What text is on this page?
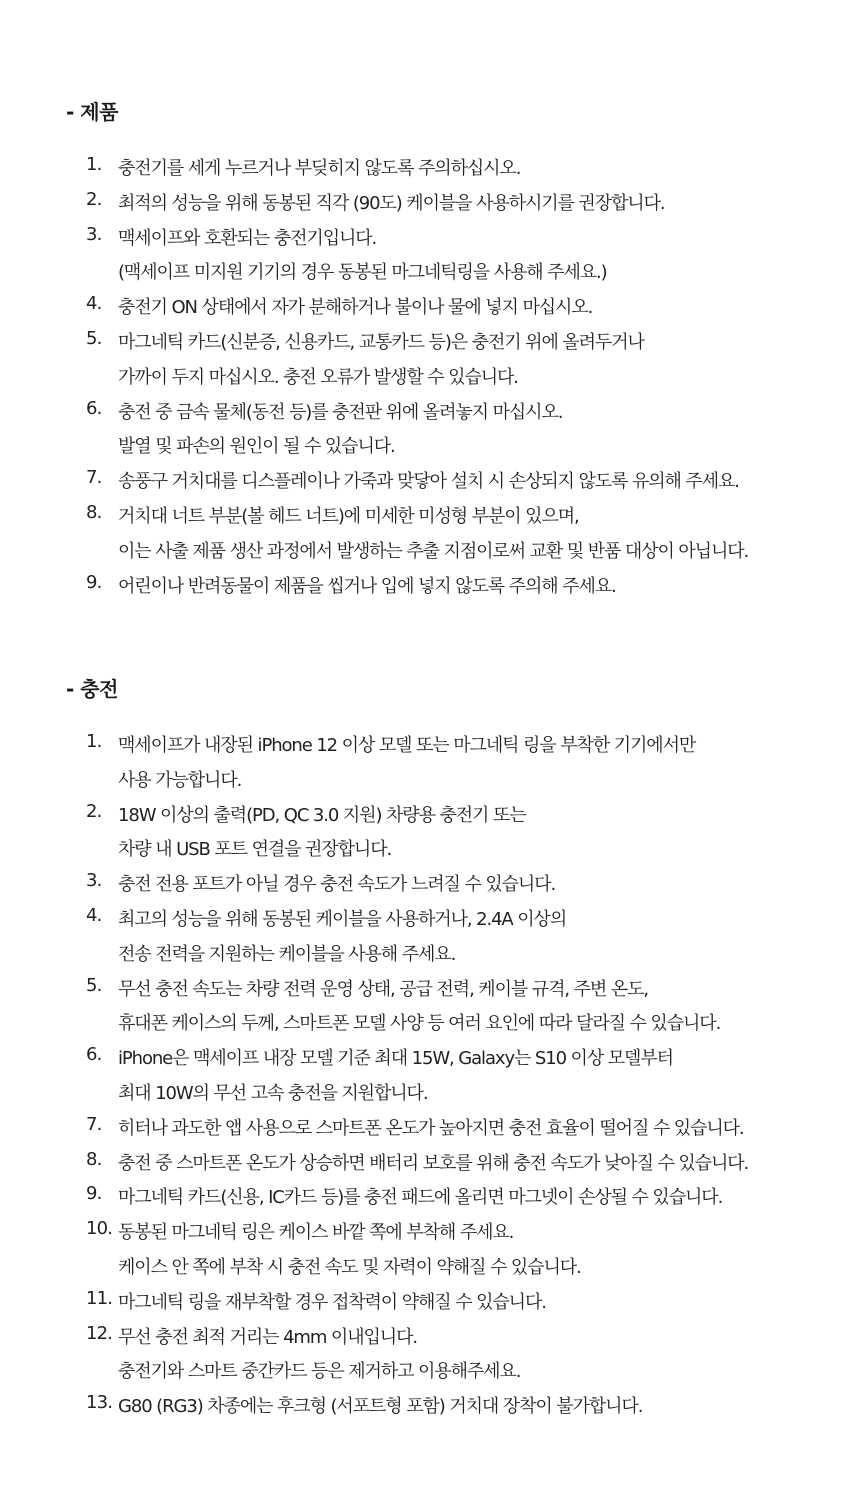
- 제품
1. 충전기를 세게 누르거나 부딪히지 않도록 주의하십시오.
2. 최적의 성능을 위해 동봉된 직각 (90도) 케이블을 사용하시기를 권장합니다.
3. 맥세이프와 호환되는 충전기입니다.
(맥세이프 미지원 기기의 경우 동봉된 마그네틱링을 사용해 주세요.)
4. 충전기 ON 상태에서 자가 분해하거나 불이나 물에 넣지 마십시오.
5. 마그네틱 카드(신분증, 신용카드, 교통카드 등)은 충전기 위에 올려두거나
가까이 두지 마십시오. 충전 오류가 발생할 수 있습니다.
6. 충전 중 금속 물체(동전 등)를 충전판 위에 올려놓지 마십시오.
발열 및 파손의 원인이 될 수 있습니다.
7. 송풍구 거치대를 디스플레이나 가죽과 맞닿아 설치 시 손상되지 않도록 유의해 주세요.
8. 거치대 너트 부분(볼 헤드 너트)에 미세한 미성형 부분이 있으며,
이는 사출 제품 생산 과정에서 발생하는 추출 지점이로써 교환 및 반품 대상이 아닙니다.
9. 어린이나 반려동물이 제품을 씹거나 입에 넣지 않도록 주의해 주세요.
- 충전
1. 맥세이프가 내장된 iPhone 12 이상 모델 또는 마그네틱 링을 부착한 기기에서만
사용 가능합니다.
2. 18W 이상의 출력(PD, QC 3.0 지원) 차량용 충전기 또는
차량 내 USB 포트 연결을 권장합니다.
3. 충전 전용 포트가 아닐 경우 충전 속도가 느려질 수 있습니다.
4. 최고의 성능을 위해 동봉된 케이블을 사용하거나, 2.4A 이상의
전송 전력을 지원하는 케이블을 사용해 주세요.
5. 무선 충전 속도는 차량 전력 운영 상태, 공급 전력, 케이블 규격, 주변 온도,
휴대폰 케이스의 두께, 스마트폰 모델 사양 등 여러 요인에 따라 달라질 수 있습니다.
6. iPhone은 맥세이프 내장 모델 기준 최대 15W, Galaxy는 S10 이상 모델부터
최대 10W의 무선 고속 충전을 지원합니다.
7. 히터나 과도한 앱 사용으로 스마트폰 온도가 높아지면 충전 효율이 떨어질 수 있습니다.
8. 충전 중 스마트폰 온도가 상승하면 배터리 보호를 위해 충전 속도가 낮아질 수 있습니다.
9. 마그네틱 카드(신용, IC카드 등)를 충전 패드에 올리면 마그넷이 손상될 수 있습니다.
10. 동봉된 마그네틱 링은 케이스 바깥 쪽에 부착해 주세요.
케이스 안 쪽에 부착 시 충전 속도 및 자력이 약해질 수 있습니다.
11. 마그네틱 링을 재부착할 경우 접착력이 약해질 수 있습니다.
12. 무선 충전 최적 거리는 4mm 이내입니다.
충전기와 스마트 중간카드 등은 제거하고 이용해주세요.
13. G80 (RG3) 차종에는 후크형 (서포트형 포함) 거치대 장착이 불가합니다.
